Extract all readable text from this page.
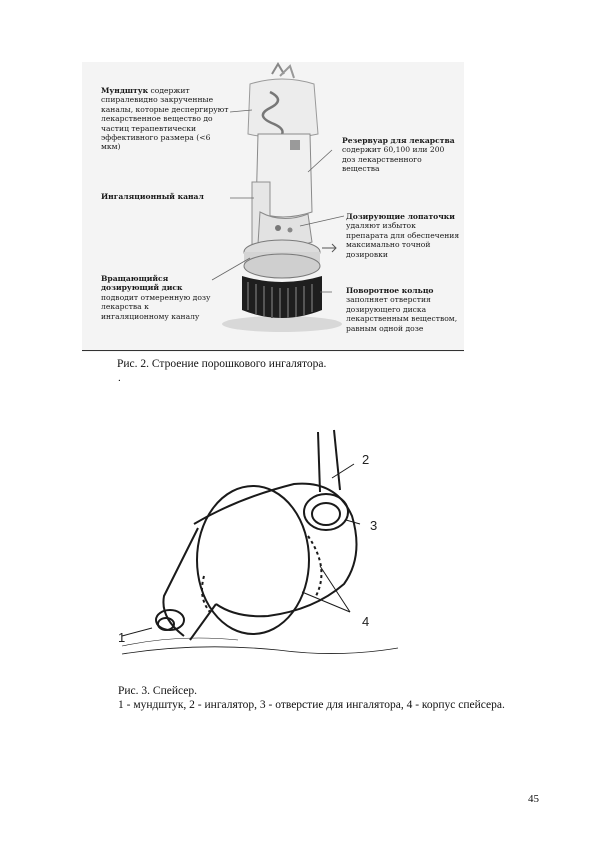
Мундштук содержит спиралевидно закрученные каналы, которые деспергируют лекарственное вещество до частиц терапевтически эффективного размера (<6 мкм)
Резервуар для лекарства содержит 60,100 или 200 доз лекарственного вещества
Ингаляционный канал
Дозирующие лопаточки удаляют избыток препарата для обеспечения максимально точной дозировки
Вращающийся дозирующий диск подводит отмеренную дозу лекарства к ингаляционному каналу
Поворотное кольцо заполняет отверстия дозирующего диска лекарственным веществом, равным одной дозе
Рис. 2. Строение порошкового ингалятора.
.
1
2
3
4
Рис. 3. Спейсер.
1 - мундштук, 2 - ингалятор, 3 - отверстие для ингалятора, 4 - корпус спейсера.
45
